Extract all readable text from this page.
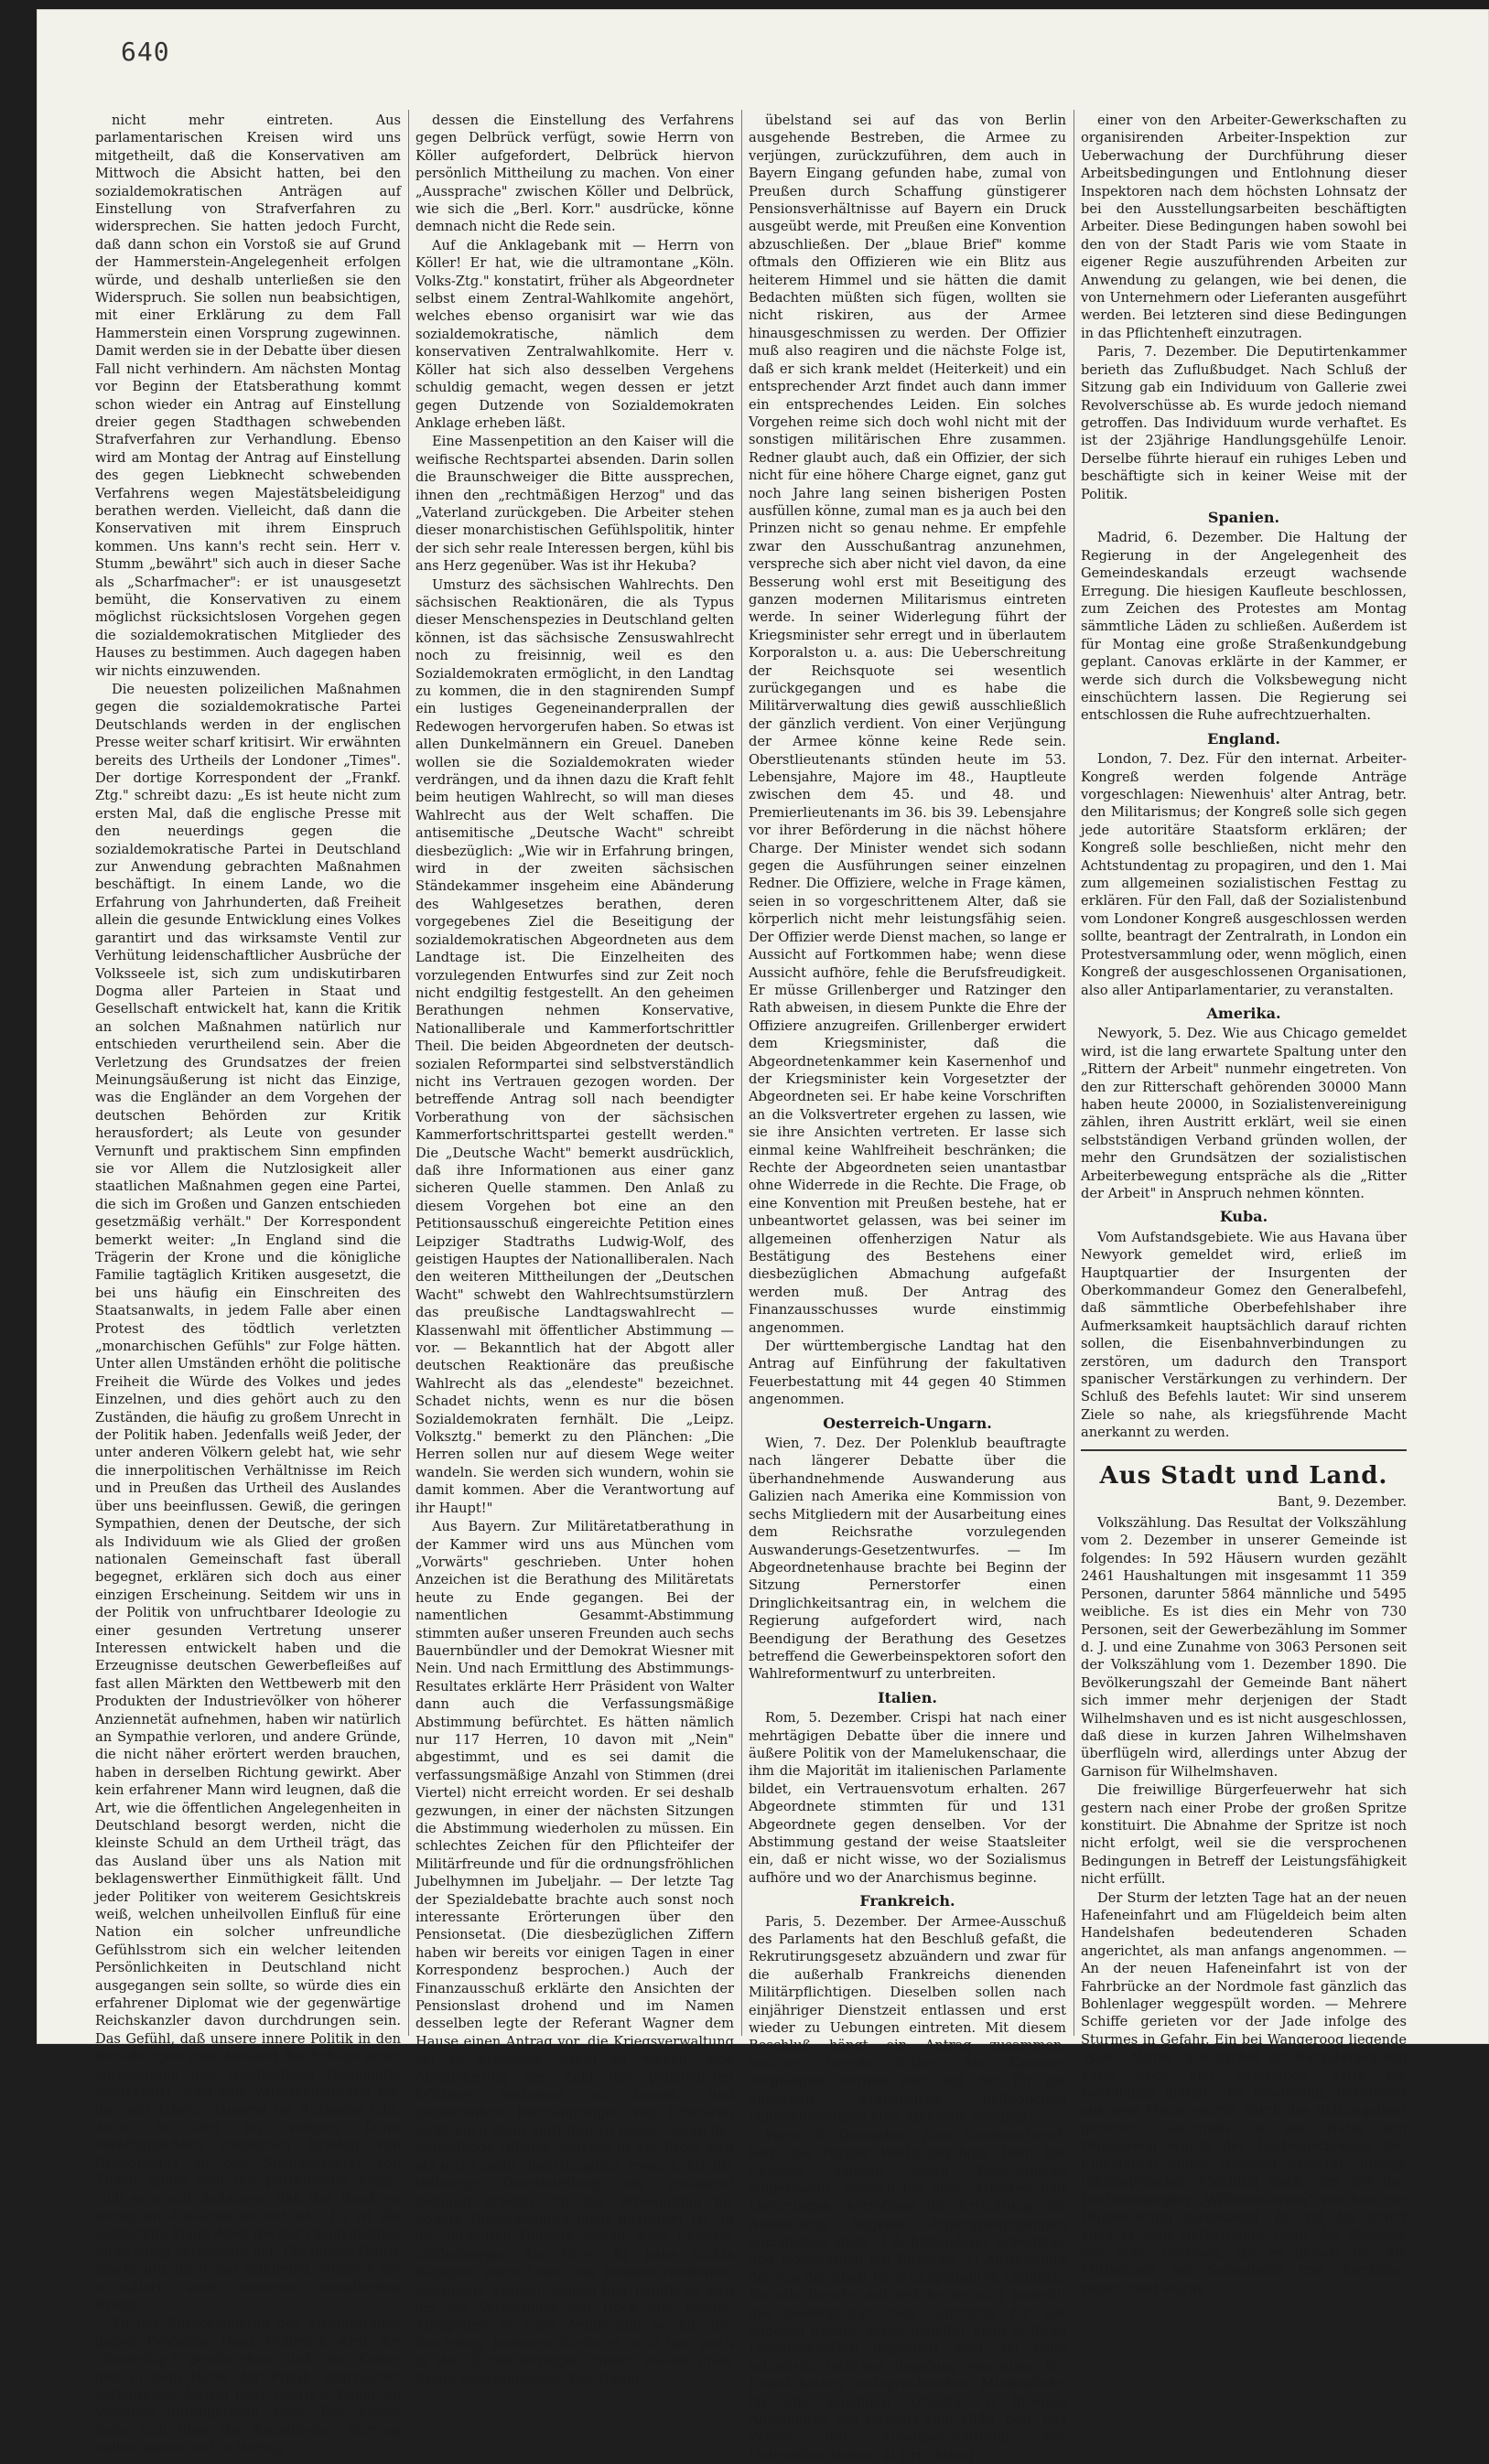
640

nicht mehr eintreten. Aus parlamentarischen Kreisen wird uns mitgetheilt, daß die Konservativen am Mittwoch die Absicht hatten, bei den sozialdemokratischen Anträgen auf Einstellung von Strafverfahren zu widersprechen. Sie hatten jedoch Furcht, daß dann schon ein Vorstoß sie auf Grund der Hammerstein-Angelegenheit erfolgen würde, und deshalb unterließen sie den Widerspruch. Sie sollen nun beabsichtigen, mit einer Erklärung zu dem Fall Hammerstein einen Vorsprung zugewinnen. Damit werden sie in der Debatte über diesen Fall nicht verhindern. Am nächsten Montag vor Beginn der Etatsberathung kommt schon wieder ein Antrag auf Einstellung dreier gegen Stadthagen schwebenden Strafverfahren zur Verhandlung. Ebenso wird am Montag der Antrag auf Einstellung des gegen Liebknecht schwebenden Verfahrens wegen Majestätsbeleidigung berathen werden. Vielleicht, daß dann die Konservativen mit ihrem Einspruch kommen. Uns kann's recht sein. Herr v. Stumm „bewährt" sich auch in dieser Sache als „Scharfmacher": er ist unausgesetzt bemüht, die Konservativen zu einem möglichst rücksichtslosen Vorgehen gegen die sozialdemokratischen Mitglieder des Hauses zu bestimmen. Auch dagegen haben wir nichts einzuwenden.

Die neuesten polizeilichen Maßnahmen gegen die sozialdemokratische Partei Deutschlands werden in der englischen Presse weiter scharf kritisirt. Wir erwähnten bereits des Urtheils der Londoner „Times". Der dortige Korrespondent der „Frankf. Ztg." schreibt dazu: „Es ist heute nicht zum ersten Mal, daß die englische Presse mit den neuerdings gegen die sozialdemokratische Partei in Deutschland zur Anwendung gebrachten Maßnahmen beschäftigt. In einem Lande, wo die Erfahrung von Jahrhunderten, daß Freiheit allein die gesunde Entwicklung eines Volkes garantirt und das wirksamste Ventil zur Verhütung leidenschaftlicher Ausbrüche der Volksseele ist, sich zum undiskutirbaren Dogma aller Parteien in Staat und Gesellschaft entwickelt hat, kann die Kritik an solchen Maßnahmen natürlich nur entschieden verurtheilend sein. Aber die Verletzung des Grundsatzes der freien Meinungsäußerung ist nicht das Einzige, was die Engländer an dem Vorgehen der deutschen Behörden zur Kritik herausfordert; als Leute von gesunder Vernunft und praktischem Sinn empfinden sie vor Allem die Nutzlosigkeit aller staatlichen Maßnahmen gegen eine Partei, die sich im Großen und Ganzen entschieden gesetzmäßig verhält." Der Korrespondent bemerkt weiter: „In England sind die Trägerin der Krone und die königliche Familie tagtäglich Kritiken ausgesetzt, die bei uns häufig ein Einschreiten des Staatsanwalts, in jedem Falle aber einen Protest des tödtlich verletzten „monarchischen Gefühls" zur Folge hätten. Unter allen Umständen erhöht die politische Freiheit die Würde des Volkes und jedes Einzelnen, und dies gehört auch zu den Zuständen, die häufig zu großem Unrecht in der Politik haben. Jedenfalls weiß Jeder, der unter anderen Völkern gelebt hat, wie sehr die innerpolitischen Verhältnisse im Reich und in Preußen das Urtheil des Auslandes über uns beeinflussen. Gewiß, die geringen Sympathien, denen der Deutsche, der sich als Individuum wie als Glied der großen nationalen Gemeinschaft fast überall begegnet, erklären sich doch aus einer einzigen Erscheinung. Seitdem wir uns in der Politik von unfruchtbarer Ideologie zu einer gesunden Vertretung unserer Interessen entwickelt haben und die Erzeugnisse deutschen Gewerbefleißes auf fast allen Märkten den Wettbewerb mit den Produkten der Industrievölker von höherer Anziennetät aufnehmen, haben wir natürlich an Sympathie verloren, und andere Gründe, die nicht näher erörtert werden brauchen, haben in derselben Richtung gewirkt. Aber kein erfahrener Mann wird leugnen, daß die Art, wie die öffentlichen Angelegenheiten in Deutschland besorgt werden, nicht die kleinste Schuld an dem Urtheil trägt, das das Ausland über uns als Nation mit beklagenswerther Einmüthigkeit fällt. Und jeder Politiker von weiterem Gesichtskreis weiß, welchen unheilvollen Einfluß für eine Nation ein solcher unfreundliche Gefühlsstrom sich ein welcher leitenden Persönlichkeiten in Deutschland nicht ausgegangen sein sollte, so würde dies ein erfahrener Diplomat wie der gegenwärtige Reichskanzler davon durchdrungen sein. Das Gefühl, daß unsere innere Politik in den Beziehungen zum Ausland die Erfolge einer vorsichtigen und friedfertigen Diplomatie neutralisirt, wird kein Vaterlandsfreund los, der seit Jahren dauernd im Auslande lebt. Auch in den im vorigen Jahre veröffentlichten römischen Briefen von Gregorovius an den Staatssekretär von Thiele findet sich die patriotische Klage: „Ich sehe mit Bedauern, daß das Reich so wenig im Auslande beliebt ist." Es ist die stereotype Klage Aller, die der Chauvinismus nicht völlig verblendet hat. Die innere Politik macht uns nicht nur mißliebig, sondern sie schmälert auch unseren moralischen Kredit."

Zu der Zurückziehung des Strafantrages gegen Professor Hans Delbrück wird der „Saale-Ztg." geschrieben, daß der Kaiser den in dem Hefte der Preuß. Jahrbücher enthaltenen Artikel über Herrn v. Köller im Vorlande durchgelesen habe. Der Kaiser habe sich über die Einzelheiten Vortrag halten lassen und in Verfolg

dessen die Einstellung des Verfahrens gegen Delbrück verfügt, sowie Herrn von Köller aufgefordert, Delbrück hiervon persönlich Mittheilung zu machen. Von einer „Aussprache" zwischen Köller und Delbrück, wie sich die „Berl. Korr." ausdrücke, könne demnach nicht die Rede sein.

Auf die Anklagebank mit — Herrn von Köller! Er hat, wie die ultramontane „Köln. Volks-Ztg." konstatirt, früher als Abgeordneter selbst einem Zentral-Wahlkomite angehört, welches ebenso organisirt war wie das sozialdemokratische, nämlich dem konservativen Zentralwahlkomite. Herr v. Köller hat sich also desselben Vergehens schuldig gemacht, wegen dessen er jetzt gegen Dutzende von Sozialdemokraten Anklage erheben läßt.

Eine Massenpetition an den Kaiser will die weifische Rechtspartei absenden. Darin sollen die Braunschweiger die Bitte aussprechen, ihnen den „rechtmäßigen Herzog" und das „Vaterland zurückgeben. Die Arbeiter stehen dieser monarchistischen Gefühlspolitik, hinter der sich sehr reale Interessen bergen, kühl bis ans Herz gegenüber. Was ist ihr Hekuba?

Umsturz des sächsischen Wahlrechts. Den sächsischen Reaktionären, die als Typus dieser Menschenspezies in Deutschland gelten können, ist das sächsische Zensuswahlrecht noch zu freisinnig, weil es den Sozialdemokraten ermöglicht, in den Landtag zu kommen, die in den stagnirenden Sumpf ein lustiges Gegeneinanderprallen der Redewogen hervorgerufen haben. So etwas ist allen Dunkelmännern ein Greuel. Daneben wollen sie die Sozialdemokraten wieder verdrängen, und da ihnen dazu die Kraft fehlt beim heutigen Wahlrecht, so will man dieses Wahlrecht aus der Welt schaffen. Die antisemitische „Deutsche Wacht" schreibt diesbezüglich: „Wie wir in Erfahrung bringen, wird in der zweiten sächsischen Ständekammer insgeheim eine Abänderung des Wahlgesetzes berathen, deren vorgegebenes Ziel die Beseitigung der sozialdemokratischen Abgeordneten aus dem Landtage ist. Die Einzelheiten des vorzulegenden Entwurfes sind zur Zeit noch nicht endgiltig festgestellt. An den geheimen Berathungen nehmen Konservative, Nationalliberale und Kammerfortschrittler Theil. Die beiden Abgeordneten der deutsch-sozialen Reformpartei sind selbstverständlich nicht ins Vertrauen gezogen worden. Der betreffende Antrag soll nach beendigter Vorberathung von der sächsischen Kammerfortschrittspartei gestellt werden." Die „Deutsche Wacht" bemerkt ausdrücklich, daß ihre Informationen aus einer ganz sicheren Quelle stammen. Den Anlaß zu diesem Vorgehen bot eine an den Petitionsausschuß eingereichte Petition eines Leipziger Stadtraths Ludwig-Wolf, des geistigen Hauptes der Nationalliberalen. Nach den weiteren Mittheilungen der „Deutschen Wacht" schwebt den Wahlrechtsumstürzlern das preußische Landtagswahlrecht — Klassenwahl mit öffentlicher Abstimmung — vor. — Bekanntlich hat der Abgott aller deutschen Reaktionäre das preußische Wahlrecht als das „elendeste" bezeichnet. Schadet nichts, wenn es nur die bösen Sozialdemokraten fernhält. Die „Leipz. Volksztg." bemerkt zu den Plänchen: „Die Herren sollen nur auf diesem Wege weiter wandeln. Sie werden sich wundern, wohin sie damit kommen. Aber die Verantwortung auf ihr Haupt!"

Aus Bayern. Zur Militäretatberathung in der Kammer wird uns aus München vom „Vorwärts" geschrieben. Unter hohen Anzeichen ist die Berathung des Militäretats heute zu Ende gegangen. Bei der namentlichen Gesammt-Abstimmung stimmten außer unseren Freunden auch sechs Bauernbündler und der Demokrat Wiesner mit Nein. Und nach Ermittlung des Abstimmungs-Resultates erklärte Herr Präsident von Walter dann auch die Verfassungsmäßige Abstimmung befürchtet. Es hätten nämlich nur 117 Herren, 10 davon mit „Nein" abgestimmt, und es sei damit die verfassungsmäßige Anzahl von Stimmen (drei Viertel) nicht erreicht worden. Er sei deshalb gezwungen, in einer der nächsten Sitzungen die Abstimmung wiederholen zu müssen. Ein schlechtes Zeichen für den Pflichteifer der Militärfreunde und für die ordnungsfröhlichen Jubelhymnen im Jubeljahr. — Der letzte Tag der Spezialdebatte brachte auch sonst noch interessante Erörterungen über den Pensionsetat. (Die diesbezüglichen Ziffern haben wir bereits vor einigen Tagen in einer Korrespondenz besprochen.) Auch der Finanzausschuß erklärte den Ansichten der Pensionslast drohend und im Namen desselben legte der Referant Wagner dem Hause einen Antrag vor, die Kriegsverwaltung sei zu ersuchen, dahin zu wirken, eine Abminderung der Zahl der pensionirten Offiziere eintreten zu lassen, und insbesondere Pensionirungen von Offizieren nicht auch dann eintreten zu lassen, wenn der betreffende Offizier, welcher in der Front sich als nicht mehr diensttauglich erweist, für die bisherige Dienststellung als genügend befähigt erweist, für die Verwendung bis höhere Dienststellung nicht qualifizirt ist. In der lebhaften Debatte nimmt auch Genosse Grillenberger das Wort. Er habe nichts dagegen, wenn Leute, die Pension verdienen, pensionirt werden. Jedoch hier handle es sich um die Versorgung von Hoch und Nieder. Kompetent zu einer Aenderung sei nur der Reichstag; indessen dürfte es nicht uns, auch in den Einzellandtagen immer wieder diese Frage anzuschneiden. Der Haupt-

übelstand sei auf das von Berlin ausgehende Bestreben, die Armee zu verjüngen, zurückzuführen, dem auch in Bayern Eingang gefunden habe, zumal von Preußen durch Schaffung günstigerer Pensionsverhältnisse auf Bayern ein Druck ausgeübt werde, mit Preußen eine Konvention abzuschließen. Der „blaue Brief" komme oftmals den Offizieren wie ein Blitz aus heiterem Himmel und sie hätten die damit Bedachten müßten sich fügen, wollten sie nicht riskiren, aus der Armee hinausgeschmissen zu werden. Der Offizier muß also reagiren und die nächste Folge ist, daß er sich krank meldet (Heiterkeit) und ein entsprechender Arzt findet auch dann immer ein entsprechendes Leiden. Ein solches Vorgehen reime sich doch wohl nicht mit der sonstigen militärischen Ehre zusammen. Redner glaubt auch, daß ein Offizier, der sich nicht für eine höhere Charge eignet, ganz gut noch Jahre lang seinen bisherigen Posten ausfüllen könne, zumal man es ja auch bei den Prinzen nicht so genau nehme. Er empfehle zwar den Ausschußantrag anzunehmen, verspreche sich aber nicht viel davon, da eine Besserung wohl erst mit Beseitigung des ganzen modernen Militarismus eintreten werde. In seiner Widerlegung führt der Kriegsminister sehr erregt und in überlautem Korporalston u. a. aus: Die Ueberschreitung der Reichsquote sei wesentlich zurückgegangen und es habe die Militärverwaltung dies gewiß ausschließlich der gänzlich verdient. Von einer Verjüngung der Armee könne keine Rede sein. Oberstlieutenants stünden heute im 53. Lebensjahre, Majore im 48., Hauptleute zwischen dem 45. und 48. und Premierlieutenants im 36. bis 39. Lebensjahre vor ihrer Beförderung in die nächst höhere Charge. Der Minister wendet sich sodann gegen die Ausführungen seiner einzelnen Redner. Die Offiziere, welche in Frage kämen, seien in so vorgeschrittenem Alter, daß sie körperlich nicht mehr leistungsfähig seien. Der Offizier werde Dienst machen, so lange er Aussicht auf Fortkommen habe; wenn diese Aussicht aufhöre, fehle die Berufsfreudigkeit. Er müsse Grillenberger und Ratzinger den Rath abweisen, in diesem Punkte die Ehre der Offiziere anzugreifen. Grillenberger erwidert dem Kriegsminister, daß die Abgeordnetenkammer kein Kasernenhof und der Kriegsminister kein Vorgesetzter der Abgeordneten sei. Er habe keine Vorschriften an die Volksvertreter ergehen zu lassen, wie sie ihre Ansichten vertreten. Er lasse sich einmal keine Wahlfreiheit beschränken; die Rechte der Abgeordneten seien unantastbar ohne Widerrede in die Rechte. Die Frage, ob eine Konvention mit Preußen bestehe, hat er unbeantwortet gelassen, was bei seiner im allgemeinen offenherzigen Natur als Bestätigung des Bestehens einer diesbezüglichen Abmachung aufgefaßt werden muß. Der Antrag des Finanzausschusses wurde einstimmig angenommen.

Der württembergische Landtag hat den Antrag auf Einführung der fakultativen Feuerbestattung mit 44 gegen 40 Stimmen angenommen.

Oesterreich-Ungarn.

Wien, 7. Dez. Der Polenklub beauftragte nach längerer Debatte über die überhandnehmende Auswanderung aus Galizien nach Amerika eine Kommission von sechs Mitgliedern mit der Ausarbeitung eines dem Reichsrathe vorzulegenden Auswanderungs-Gesetzentwurfes. — Im Abgeordnetenhause brachte bei Beginn der Sitzung Pernerstorfer einen Dringlichkeitsantrag ein, in welchem die Regierung aufgefordert wird, nach Beendigung der Berathung des Gesetzes betreffend die Gewerbeinspektoren sofort den Wahlreformentwurf zu unterbreiten.

Italien.

Rom, 5. Dezember. Crispi hat nach einer mehrtägigen Debatte über die innere und äußere Politik von der Mamelukenschaar, die ihm die Majorität im italienischen Parlamente bildet, ein Vertrauensvotum erhalten. 267 Abgeordnete stimmten für und 131 Abgeordnete gegen denselben. Vor der Abstimmung gestand der weise Staatsleiter ein, daß er nicht wisse, wo der Sozialismus aufhöre und wo der Anarchismus beginne.

Frankreich.

Paris, 5. Dezember. Der Armee-Ausschuß des Parlaments hat den Beschluß gefaßt, die Rekrutirungsgesetz abzuändern und zwar für die außerhalb Frankreichs dienenden Militärpflichtigen. Dieselben sollen nach einjähriger Dienstzeit entlassen und erst wieder zu Uebungen eintreten. Mit diesem Beschluß hängt ein Antrag zusammen, welcher bereits früher der Kammer vorgelegen worden war und der für die außerhalb Frankreichs befindlichen Fahnenflüchtigen eine Amnestie verlangt.

Paris, 6. Dezember. Zum Gesetzentwurf, betr. die Pariser Weltausstellung 1900 hat Genosse Vaillant einen Zusatzantrag eingebracht, wonach bei allen Arbeiten und Lieferungen, betreffend die Errichtung der Ausstellung, folgende Arbeitsbedingungen einzuhalten sind: 1) Achtstündiger Arbeitstag und wöchentlich ein Ruhetag. 2) Anwendung der von der Stadt Paris aufgestellten Lohnliste für alle Berufe, auf welche sie sich bezieht; des gewerkschaftlichen Lohntarifs für alle anderen Berufe, deren Arbeiter nicht in ihren Gewerkschaften organisirt sind; im Falle schiedsrichterlicher Regelung von einer ein Einsatzkosten entsprechenden Minimallohn für alle sonstigen Arbeiter. 3) Strenge Anwendung des Dekrets vom 1848, betr. das Verbot der Arbeitsvermittlung von Unterakkordanten. 4) Errichtung

einer von den Arbeiter-Gewerkschaften zu organisirenden Arbeiter-Inspektion zur Ueberwachung der Durchführung dieser Arbeitsbedingungen und Entlohnung dieser Inspektoren nach dem höchsten Lohnsatz der bei den Ausstellungsarbeiten beschäftigten Arbeiter. Diese Bedingungen haben sowohl bei den von der Stadt Paris wie vom Staate in eigener Regie auszuführenden Arbeiten zur Anwendung zu gelangen, wie bei denen, die von Unternehmern oder Lieferanten ausgeführt werden. Bei letzteren sind diese Bedingungen in das Pflichtenheft einzutragen.

Paris, 7. Dezember. Die Deputirtenkammer berieth das Zuflußbudget. Nach Schluß der Sitzung gab ein Individuum von Gallerie zwei Revolverschüsse ab. Es wurde jedoch niemand getroffen. Das Individuum wurde verhaftet. Es ist der 23jährige Handlungsgehülfe Lenoir. Derselbe führte hierauf ein ruhiges Leben und beschäftigte sich in keiner Weise mit der Politik.

Spanien.

Madrid, 6. Dezember. Die Haltung der Regierung in der Angelegenheit des Gemeindeskandals erzeugt wachsende Erregung. Die hiesigen Kaufleute beschlossen, zum Zeichen des Protestes am Montag sämmtliche Läden zu schließen. Außerdem ist für Montag eine große Straßenkundgebung geplant. Canovas erklärte in der Kammer, er werde sich durch die Volksbewegung nicht einschüchtern lassen. Die Regierung sei entschlossen die Ruhe aufrechtzuerhalten.

England.

London, 7. Dez. Für den internat. Arbeiter-Kongreß werden folgende Anträge vorgeschlagen: Niewenhuis' alter Antrag, betr. den Militarismus; der Kongreß solle sich gegen jede autoritäre Staatsform erklären; der Kongreß solle beschließen, nicht mehr den Achtstundentag zu propagiren, und den 1. Mai zum allgemeinen sozialistischen Festtag zu erklären. Für den Fall, daß der Sozialistenbund vom Londoner Kongreß ausgeschlossen werden sollte, beantragt der Zentralrath, in London ein Protestversammlung oder, wenn möglich, einen Kongreß der ausgeschlossenen Organisationen, also aller Antiparlamentarier, zu veranstalten.

Amerika.

Newyork, 5. Dez. Wie aus Chicago gemeldet wird, ist die lang erwartete Spaltung unter den „Rittern der Arbeit" nunmehr eingetreten. Von den zur Ritterschaft gehörenden 30000 Mann haben heute 20000, in Sozialistenvereinigung zählen, ihren Austritt erklärt, weil sie einen selbstständigen Verband gründen wollen, der mehr den Grundsätzen der sozialistischen Arbeiterbewegung entspräche als die „Ritter der Arbeit" in Anspruch nehmen könnten.

Kuba.

Vom Aufstandsgebiete. Wie aus Havana über Newyork gemeldet wird, erließ im Hauptquartier der Insurgenten der Oberkommandeur Gomez den Generalbefehl, daß sämmtliche Oberbefehlshaber ihre Aufmerksamkeit hauptsächlich darauf richten sollen, die Eisenbahnverbindungen zu zerstören, um dadurch den Transport spanischer Verstärkungen zu verhindern. Der Schluß des Befehls lautet: Wir sind unserem Ziele so nahe, als kriegsführende Macht anerkannt zu werden.

Aus Stadt und Land.

Bant, 9. Dezember.

Volkszählung. Das Resultat der Volkszählung vom 2. Dezember in unserer Gemeinde ist folgendes: In 592 Häusern wurden gezählt 2461 Haushaltungen mit insgesammt 11 359 Personen, darunter 5864 männliche und 5495 weibliche. Es ist dies ein Mehr von 730 Personen, seit der Gewerbezählung im Sommer d. J. und eine Zunahme von 3063 Personen seit der Volkszählung vom 1. Dezember 1890. Die Bevölkerungszahl der Gemeinde Bant nähert sich immer mehr derjenigen der Stadt Wilhelmshaven und es ist nicht ausgeschlossen, daß diese in kurzen Jahren Wilhelmshaven überflügeln wird, allerdings unter Abzug der Garnison für Wilhelmshaven.

Die freiwillige Bürgerfeuerwehr hat sich gestern nach einer Probe der großen Spritze konstituirt. Die Abnahme der Spritze ist noch nicht erfolgt, weil sie die versprochenen Bedingungen in Betreff der Leistungsfähigkeit nicht erfüllt.

Der Sturm der letzten Tage hat an der neuen Hafeneinfahrt und am Flügeldeich beim alten Handelshafen bedeutenderen Schaden angerichtet, als man anfangs angenommen. — An der neuen Hafeneinfahrt ist von der Fahrbrücke an der Nordmole fast gänzlich das Bohlenlager weggespült worden. — Mehrere Schiffe gerieten vor der Jade infolge des Sturmes in Gefahr. Ein bei Wangeroog liegende Tjalk, „Marie", aus Barßel, mit Backsteinen von Varel nach hier unterwegs, hatte die Nothflagge gehißt. Die Besatzung, bestehend aus zwei Mann, wurde durch das Rettungsboot gerettet. Gleichfalls in der Nähe von Wangeroog wurde der Lootsenschooner der Elbestation hülfos treibend bemerkt. Infolge telegraphischer Meldung nach hier lief der Lootsendampfer „Wilhelmshaven" von hier zur Hülfeleistung ausgesandt. Er traf das Schiff auch in ganz gefährlicher Lage. Als dasselbe von einer Sturzsee, die es gerade um die Mittagszeit am Sonnabend traf, furchtbar zugerichtet wurde
